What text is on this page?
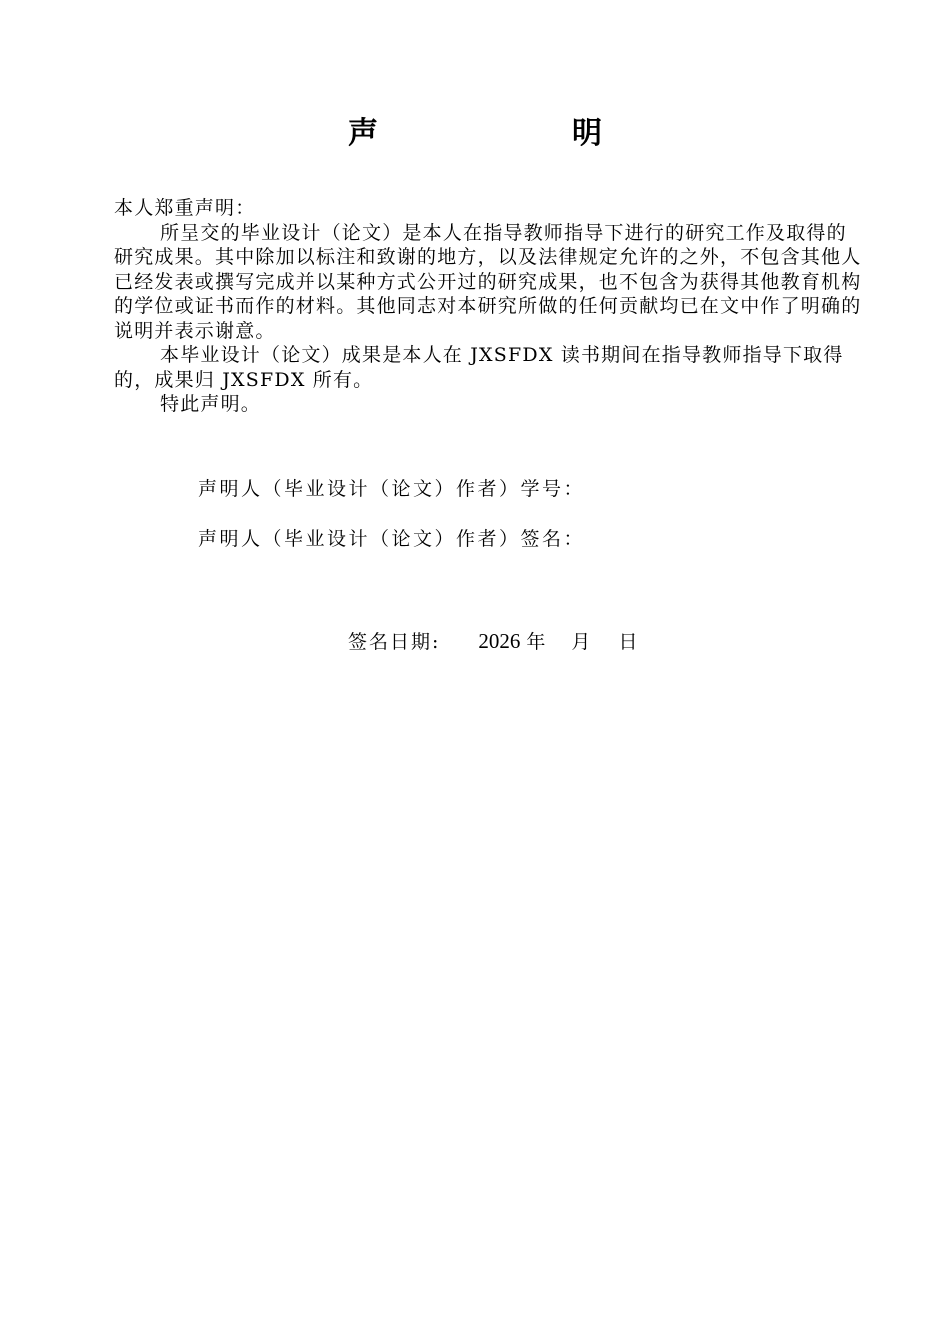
声　明

本人郑重声明：

所呈交的毕业设计（论文）是本人在指导教师指导下进行的研究工作及取得的研究成果。其中除加以标注和致谢的地方，以及法律规定允许的之外，不包含其他人已经发表或撰写完成并以某种方式公开过的研究成果，也不包含为获得其他教育机构的学位或证书而作的材料。其他同志对本研究所做的任何贡献均已在文中作了明确的说明并表示谢意。

本毕业设计（论文）成果是本人在 JXSFDX 读书期间在指导教师指导下取得的，成果归 JXSFDX 所有。

特此声明。

声明人（毕业设计（论文）作者）学号：
声明人（毕业设计（论文）作者）签名：
签名日期: 2026 年 月 日
